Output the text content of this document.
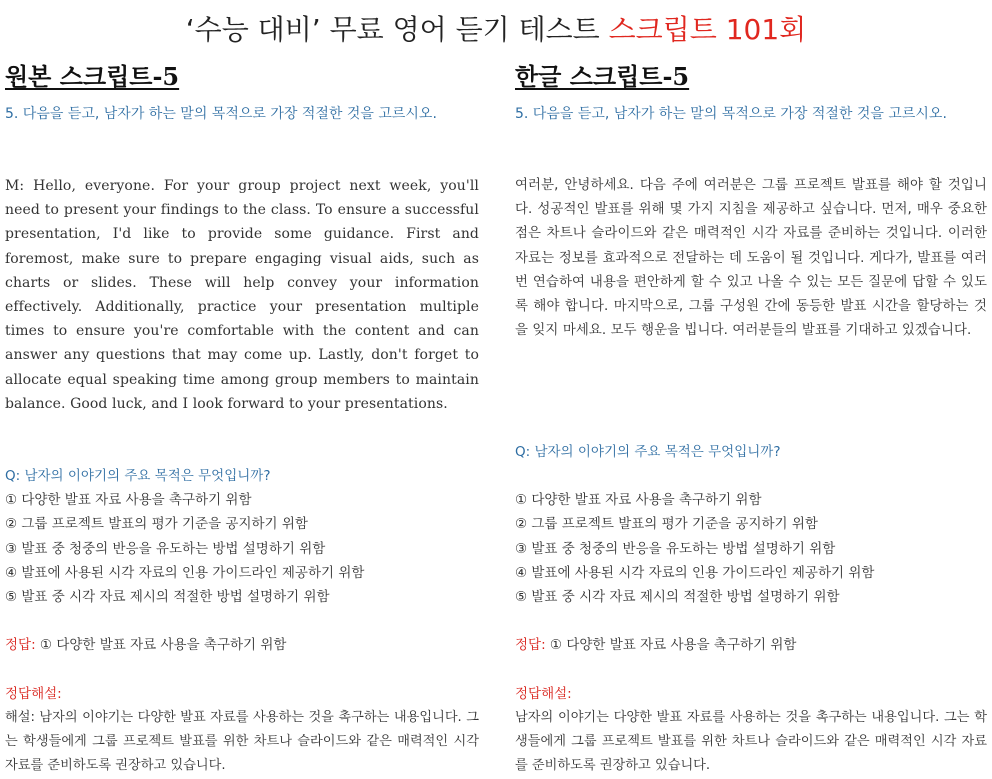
‘수능 대비’ 무료 영어 듣기 테스트 스크립트 101회
원본 스크립트-5
5. 다음을 듣고, 남자가 하는 말의 목적으로 가장 적절한 것을 고르시오.
M: Hello, everyone. For your group project next week, you'll need to present your findings to the class. To ensure a successful presentation, I'd like to provide some guidance. First and foremost, make sure to prepare engaging visual aids, such as charts or slides. These will help convey your information effectively. Additionally, practice your presentation multiple times to ensure you're comfortable with the content and can answer any questions that may come up. Lastly, don't forget to allocate equal speaking time among group members to maintain balance. Good luck, and I look forward to your presentations.
Q: 남자의 이야기의 주요 목적은 무엇입니까?
① 다양한 발표 자료 사용을 촉구하기 위함
② 그룹 프로젝트 발표의 평가 기준을 공지하기 위함
③ 발표 중 청중의 반응을 유도하는 방법 설명하기 위함
④ 발표에 사용된 시각 자료의 인용 가이드라인 제공하기 위함
⑤ 발표 중 시각 자료 제시의 적절한 방법 설명하기 위함
정답: ① 다양한 발표 자료 사용을 촉구하기 위함
정답해설:
해설: 남자의 이야기는 다양한 발표 자료를 사용하는 것을 촉구하는 내용입니다. 그는 학생들에게 그룹 프로젝트 발표를 위한 차트나 슬라이드와 같은 매력적인 시각 자료를 준비하도록 권장하고 있습니다.
한글 스크립트-5
5. 다음을 듣고, 남자가 하는 말의 목적으로 가장 적절한 것을 고르시오.
여러분, 안녕하세요. 다음 주에 여러분은 그룹 프로젝트 발표를 해야 할 것입니다. 성공적인 발표를 위해 몇 가지 지침을 제공하고 싶습니다. 먼저, 매우 중요한 점은 차트나 슬라이드와 같은 매력적인 시각 자료를 준비하는 것입니다. 이러한 자료는 정보를 효과적으로 전달하는 데 도움이 될 것입니다. 게다가, 발표를 여러 번 연습하여 내용을 편안하게 할 수 있고 나올 수 있는 모든 질문에 답할 수 있도록 해야 합니다. 마지막으로, 그룹 구성원 간에 동등한 발표 시간을 할당하는 것을 잊지 마세요. 모두 행운을 빕니다. 여러분들의 발표를 기대하고 있겠습니다.
Q: 남자의 이야기의 주요 목적은 무엇입니까?
① 다양한 발표 자료 사용을 촉구하기 위함
② 그룹 프로젝트 발표의 평가 기준을 공지하기 위함
③ 발표 중 청중의 반응을 유도하는 방법 설명하기 위함
④ 발표에 사용된 시각 자료의 인용 가이드라인 제공하기 위함
⑤ 발표 중 시각 자료 제시의 적절한 방법 설명하기 위함
정답: ① 다양한 발표 자료 사용을 촉구하기 위함
정답해설:
남자의 이야기는 다양한 발표 자료를 사용하는 것을 촉구하는 내용입니다. 그는 학생들에게 그룹 프로젝트 발표를 위한 차트나 슬라이드와 같은 매력적인 시각 자료를 준비하도록 권장하고 있습니다.
